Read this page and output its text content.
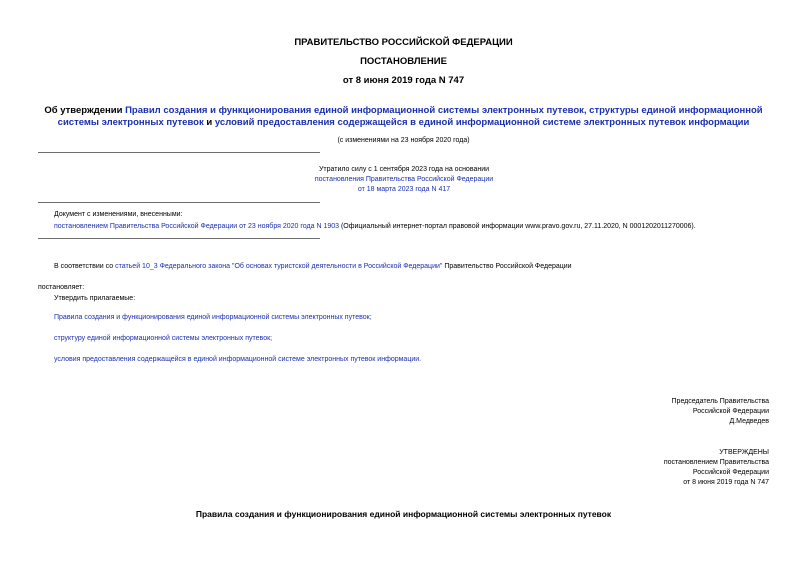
ПРАВИТЕЛЬСТВО РОССИЙСКОЙ ФЕДЕРАЦИИ
ПОСТАНОВЛЕНИЕ
от 8 июня 2019 года N 747
Об утверждении Правил создания и функционирования единой информационной системы электронных путевок, структуры единой информационной системы электронных путевок и условий предоставления содержащейся в единой информационной системе электронных путевок информации
(с изменениями на 23 ноября 2020 года)
Утратило силу с 1 сентября 2023 года на основании
постановления Правительства Российской Федерации
от 18 марта 2023 года N 417
Документ с изменениями, внесенными:
постановлением Правительства Российской Федерации от 23 ноября 2020 года N 1903 (Официальный интернет-портал правовой информации www.pravo.gov.ru, 27.11.2020, N 0001202011270006).
В соответствии со статьей 10_3 Федерального закона "Об основах туристской деятельности в Российской Федерации" Правительство Российской Федерации
постановляет:
Утвердить прилагаемые:
Правила создания и функционирования единой информационной системы электронных путевок;
структуру единой информационной системы электронных путевок;
условия предоставления содержащейся в единой информационной системе электронных путевок информации.
Председатель Правительства
Российской Федерации
Д.Медведев
УТВЕРЖДЕНЫ
постановлением Правительства
Российской Федерации
от 8 июня 2019 года N 747
Правила создания и функционирования единой информационной системы электронных путевок
